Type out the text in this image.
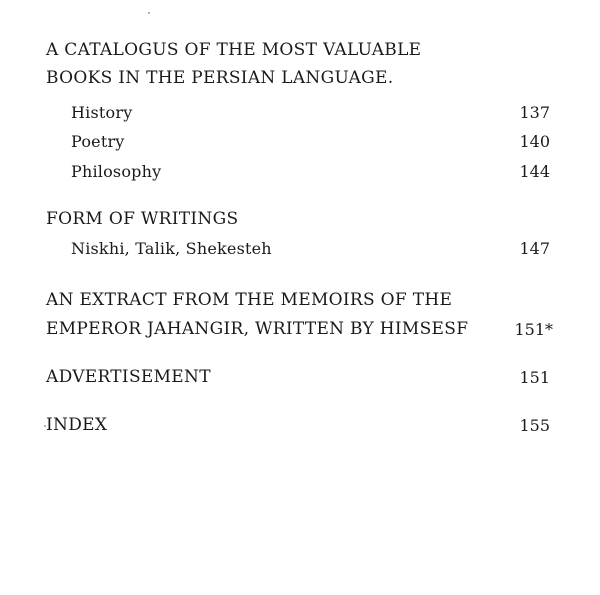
A CATALOGUS OF THE MOST VALUABLE
BOOKS IN THE PERSIAN LANGUAGE.
History	137
Poetry	140
Philosophy	144
FORM OF WRITINGS
Niskhi, Talik, Shekesteh	147
AN EXTRACT FROM THE MEMOIRS OF THE
EMPEROR JAHANGIR, WRITTEN BY HIMSESF	151*
ADVERTISEMENT	151
INDEX	155
